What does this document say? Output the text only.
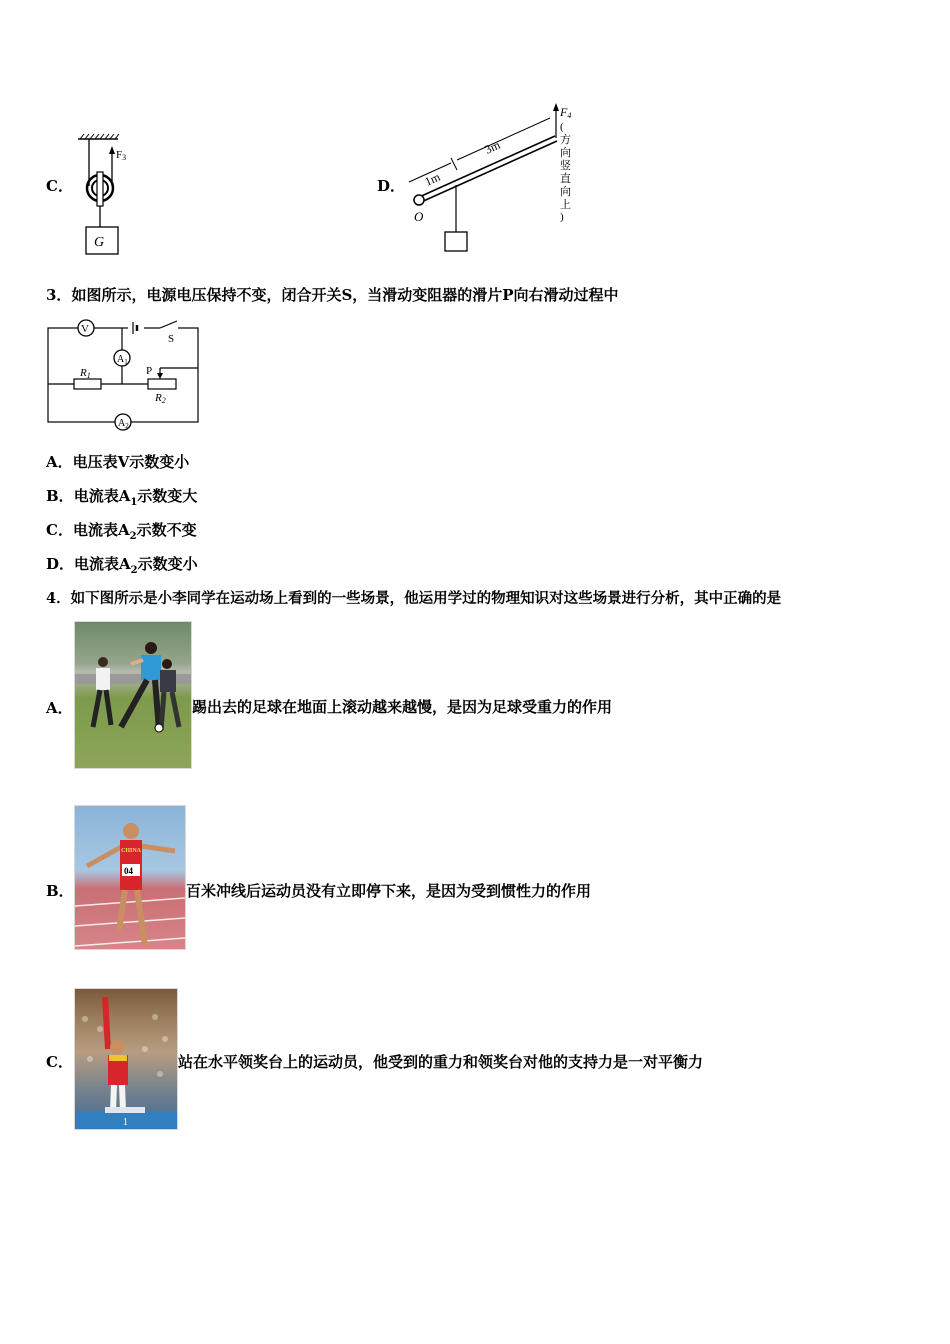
C．
F3
G
D．
O
F4
(
方
向
竖
直
向
上
)
1m
3m
3．如图所示，电源电压保持不变，闭合开关S，当滑动变阻器的滑片P向右滑动过程中
V
S
$A_1$
R1	P
R2
$A_2$
A．电压表V示数变小
B．电流表$A_1$示数变大
C．电流表$A_2$示数不变
D．电流表$A_2$示数变小
4．如下图所示是小李同学在运动场上看到的一些场景，他运用学过的物理知识对这些场景进行分析，其中正确的是
A．	踢出去的足球在地面上滚动越来越慢，是因为足球受重力的作用
B．
04
CHINA
百米冲线后运动员没有立即停下来，是因为受到惯性力的作用
C．
1
站在水平领奖台上的运动员，他受到的重力和领奖台对他的支持力是一对平衡力
